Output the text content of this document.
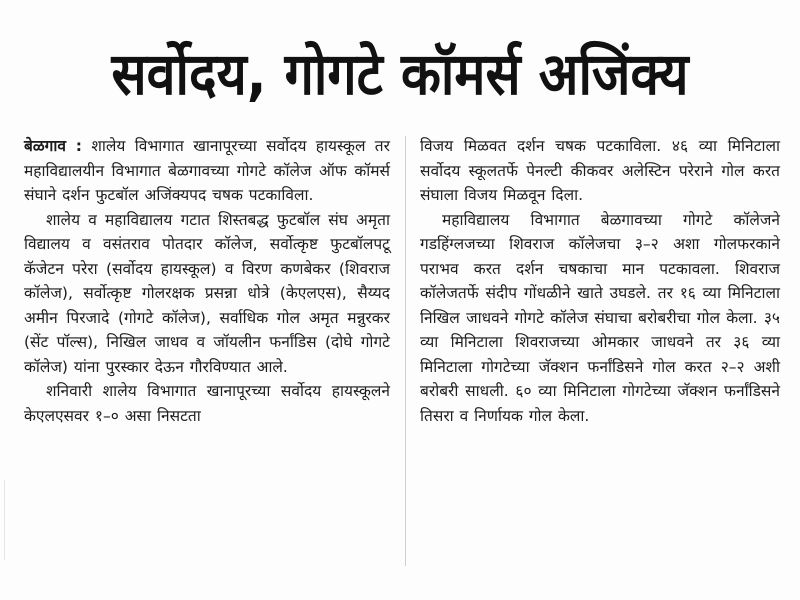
सर्वोदय, गोगटे कॉमर्स अजिंक्य

बेळगाव : शालेय विभागात खानापूरच्या सर्वोदय हायस्कूल तर महाविद्यालयीन विभागात बेळगावच्या गोगटे कॉलेज ऑफ कॉमर्स संघाने दर्शन फुटबॉल अजिंक्यपद चषक पटकाविला.

शालेय व महाविद्यालय गटात शिस्तबद्ध फुटबॉल संघ अमृता विद्यालय व वसंतराव पोतदार कॉलेज, सर्वोत्कृष्ट फुटबॉलपटू कॅजेटन परेरा (सर्वोदय हायस्कूल) व विरण कणबेकर (शिवराज कॉलेज), सर्वोत्कृष्ट गोलरक्षक प्रसन्ना धोत्रे (केएलएस), सैय्यद अमीन पिरजादे (गोगटे कॉलेज), सर्वाधिक गोल अमृत मन्नुरकर (सेंट पॉल्स), निखिल जाधव व जॉयलीन फर्नांडिस (दोघे गोगटे कॉलेज) यांना पुरस्कार देऊन गौरविण्यात आले.

शनिवारी शालेय विभागात खानापूरच्या सर्वोदय हायस्कूलने केएलएसवर १–० असा निसटता

विजय मिळवत दर्शन चषक पटकाविला. ४६ व्या मिनिटाला सर्वोदय स्कूलतर्फे पेनल्टी कीकवर अलेस्टिन परेराने गोल करत संघाला विजय मिळवून दिला.

महाविद्यालय विभागात बेळगावच्या गोगटे कॉलेजने गडहिंग्लजच्या शिवराज कॉलेजचा ३–२ अशा गोलफरकाने पराभव करत दर्शन चषकाचा मान पटकावला. शिवराज कॉलेजतर्फे संदीप गोंधळीने खाते उघडले. तर १६ व्या मिनिटाला निखिल जाधवने गोगटे कॉलेज संघाचा बरोबरीचा गोल केला. ३५ व्या मिनिटाला शिवराजच्या ओमकार जाधवने तर ३६ व्या मिनिटाला गोगटेच्या जॅक्शन फर्नांडिसने गोल करत २–२ अशी बरोबरी साधली. ६० व्या मिनिटाला गोगटेच्या जॅक्शन फर्नांडिसने तिसरा व निर्णायक गोल केला.
